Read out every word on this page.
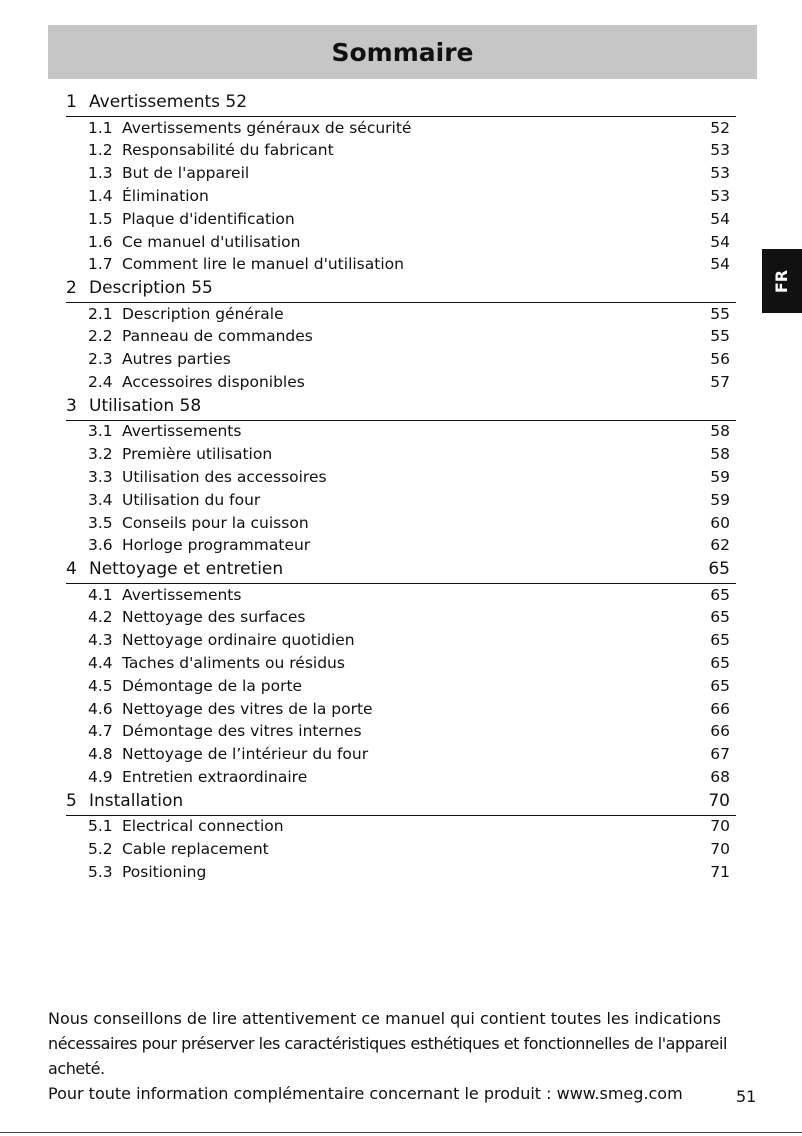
Sommaire
FR
1 Avertissements 52
1.1 Avertissements généraux de sécurité	52
1.2 Responsabilité du fabricant	53
1.3 But de l'appareil	53
1.4 Élimination	53
1.5 Plaque d'identification	54
1.6 Ce manuel d'utilisation	54
1.7 Comment lire le manuel d'utilisation	54
2 Description 55
2.1 Description générale	55
2.2 Panneau de commandes	55
2.3 Autres parties	56
2.4 Accessoires disponibles	57
3 Utilisation 58
3.1 Avertissements	58
3.2 Première utilisation	58
3.3 Utilisation des accessoires	59
3.4 Utilisation du four	59
3.5 Conseils pour la cuisson	60
3.6 Horloge programmateur	62
4 Nettoyage et entretien	65
4.1 Avertissements	65
4.2 Nettoyage des surfaces	65
4.3 Nettoyage ordinaire quotidien	65
4.4 Taches d'aliments ou résidus	65
4.5 Démontage de la porte	65
4.6 Nettoyage des vitres de la porte	66
4.7 Démontage des vitres internes	66
4.8 Nettoyage de l’intérieur du four	67
4.9 Entretien extraordinaire	68
5 Installation	70
5.1 Electrical connection	70
5.2 Cable replacement	70
5.3 Positioning	71

Nous conseillons de lire attentivement ce manuel qui contient toutes les indications

nécessaires pour préserver les caractéristiques esthétiques et fonctionnelles de l'appareil acheté.

Pour toute information complémentaire concernant le produit : www.smeg.com	51
